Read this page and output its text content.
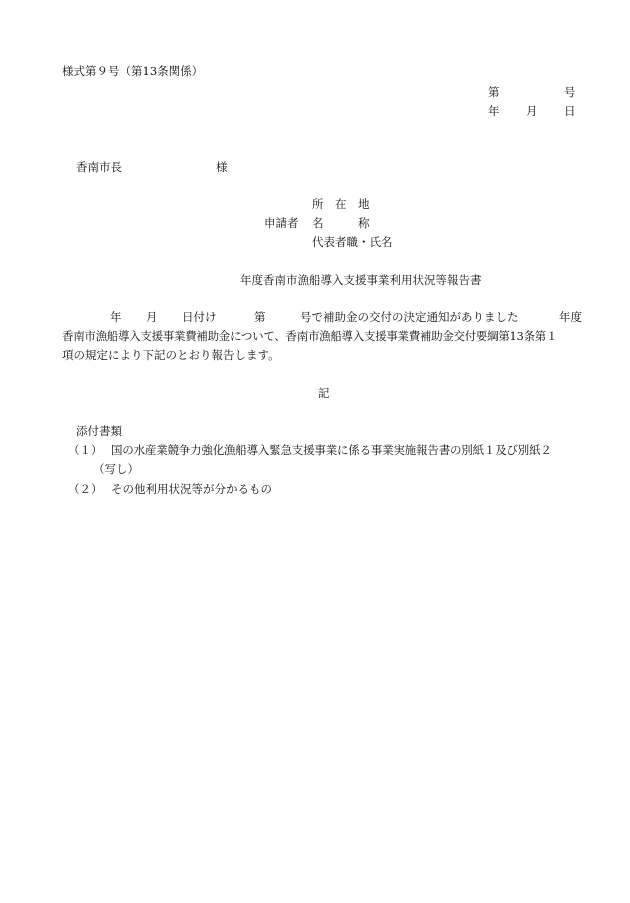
様式第９号（第13条関係）
第	号
年 月 日
香南市長	様
所　在　地
申請者 名　　　称
代表者職・氏名
年度香南市漁船導入支援事業利用状況等報告書
年 月 日付け	第	号で補助金の交付の決定通知がありました	年度
香南市漁船導入支援事業費補助金について、香南市漁船導入支援事業費補助金交付要綱第13条第１
項の規定により下記のとおり報告します。
記
添付書類
（１） 国の水産業競争力強化漁船導入緊急支援事業に係る事業実施報告書の別紙１及び別紙２
（写し）
（２） その他利用状況等が分かるもの
